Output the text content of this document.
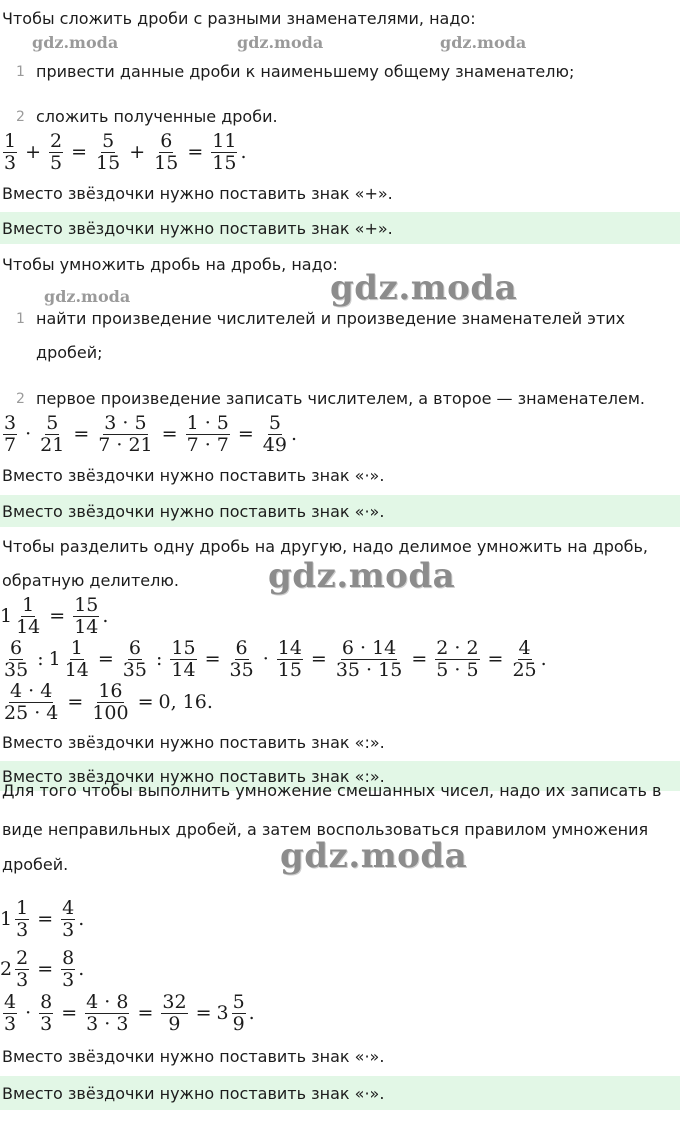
Чтобы сложить дроби с разными знаменателями, надо:
gdz.moda	gdz.moda	gdz.moda
1 привести данные дроби к наименьшему общему знаменателю;
2 сложить полученные дроби.
$\frac{1}{3} + \frac{2}{5} = \frac{5}{15} + \frac{6}{15} = \frac{11}{15}$ .
Вместо звёздочки нужно поставить знак «+».
Вместо звёздочки нужно поставить знак «+».
Чтобы умножить дробь на дробь, надо:
gdz.moda	gdz.moda
1 найти произведение числителей и произведение знаменателей этих
дробей;
2 первое произведение записать числителем, а второе — знаменателем.
$\frac{3}{7} \cdot \frac{5}{21} = \frac{3 \cdot 5}{7 \cdot 21} = \frac{1 \cdot 5}{7 \cdot 7} = \frac{5}{49}$ .
Вместо звёздочки нужно поставить знак «·».
Вместо звёздочки нужно поставить знак «·».
Чтобы разделить одну дробь на другую, надо делимое умножить на дробь,
обратную делителю.	gdz.moda
$1 \frac{1}{14} = \frac{15}{14}$ .
$\frac{6}{35}$ : $1 \frac{1}{14} = \frac{6}{35}$ : $\frac{15}{14} = \frac{6}{35} \cdot \frac{14}{15} = \frac{6 \cdot 14}{35 \cdot 15} = \frac{2 \cdot 2}{5 \cdot 5} = \frac{4}{25}$ .
$\frac{4 \cdot 4}{25 \cdot 4} = \frac{16}{100} = 0$, 16.
Вместо звёздочки нужно поставить знак «:».
Вместо звёздочки нужно поставить знак «:».
Для того чтобы выполнить умножение смешанных чисел, надо их записать в
виде неправильных дробей, а затем воспользоваться правилом умножения
дробей.	gdz.moda
$1 \frac{1}{3} = \frac{4}{3}$ .
$2 \frac{2}{3} = \frac{8}{3}$ .
$\frac{4}{3} \cdot \frac{8}{3} = \frac{4 \cdot 8}{3 \cdot 3} = \frac{32}{9} = 3 \frac{5}{9}$ .
Вместо звёздочки нужно поставить знак «·».
Вместо звёздочки нужно поставить знак «·».
